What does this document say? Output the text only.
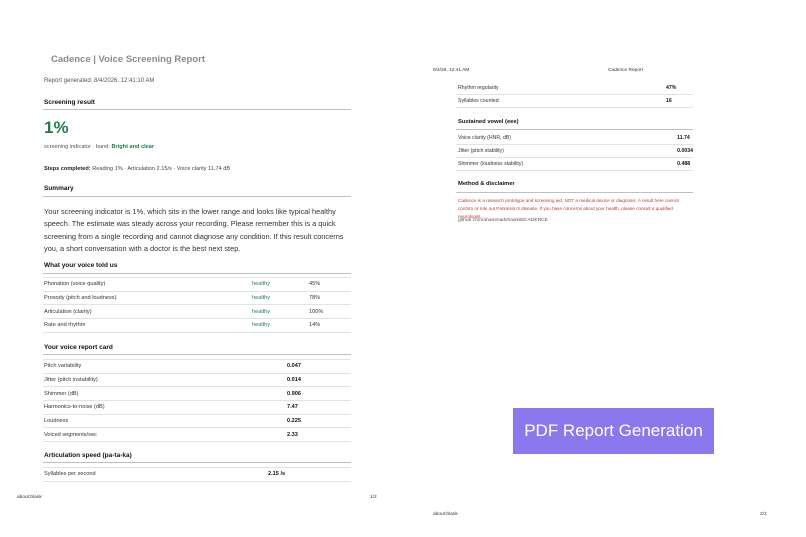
Cadence | Voice Screening Report
Report generated: 8/4/2026, 12:41:10 AM
Screening result
1%
screening indicator · band: Bright and clear
Steps completed: Reading 1% · Articulation 2.15/s · Voice clarity 11.74 dB
Summary
Your screening indicator is 1%, which sits in the lower range and looks like typical healthy speech. The estimate was steady across your recording. Please remember this is a quick screening from a single recording and cannot diagnose any condition. If this result concerns you, a short conversation with a doctor is the best next step.
What your voice told us
Phonation (voice quality)	healthy	45%
Prosody (pitch and loudness)	healthy	78%
Articulation (clarity)	healthy	100%
Rate and rhythm	healthy	14%
Your voice report card
Pitch variability	0.047
Jitter (pitch instability)	0.014
Shimmer (dB)	0.906
Harmonics-to-noise (dB)	7.47
Loudness	0.225
Voiced segments/sec	2.33
Articulation speed (pa-ta-ka)
Syllables per second	2.15 /s
about:blank	1/2
8/4/26, 12:41 AM	Cadence Report
Rhythm regularity	47%
Syllables counted	16
Sustained vowel (eee)
Voice clarity (HNR, dB)	11.74
Jitter (pitch stability)	0.0034
Shimmer (loudness stability)	0.488
Method & disclaimer
Cadence is a research prototype and screening aid, NOT a medical device or diagnosis. A result here cannot confirm or rule out Parkinson's disease. If you have concerns about your health, please consult a qualified neurologist.
github.com/ahammadshawki8/CADENCE
about:blank	2/2
PDF Report Generation
